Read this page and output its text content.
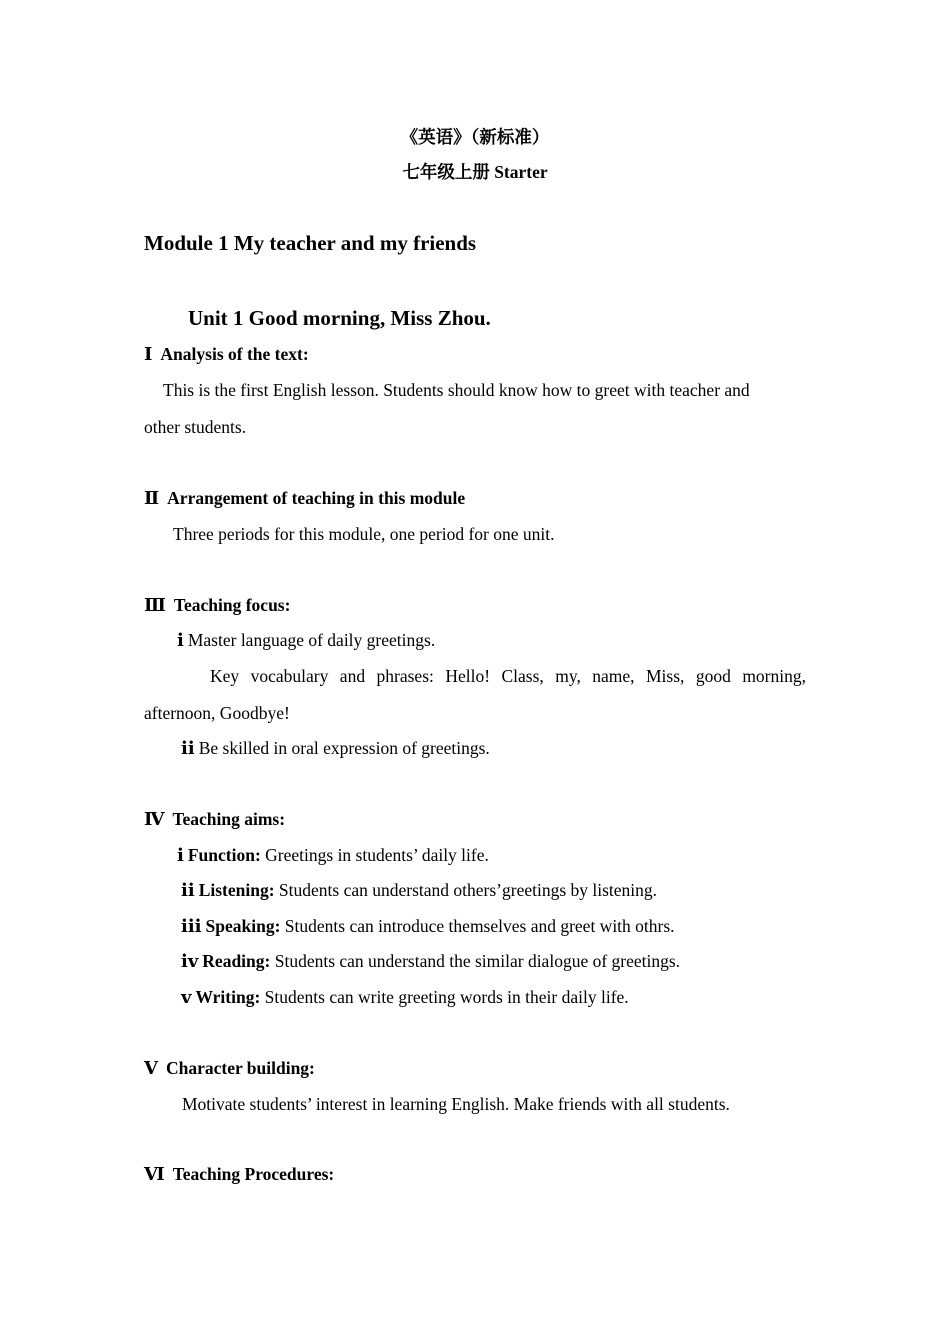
《英语》（新标准）
七年级上册 Starter
Module 1 My teacher and my friends
Unit 1 Good morning, Miss Zhou.
Ⅰ Analysis of the text:
This is the first English lesson. Students should know how to greet with teacher and
other students.
Ⅱ Arrangement of teaching in this module
Three periods for this module, one period for one unit.
Ⅲ Teaching focus:
ⅰ Master language of daily greetings.
Key vocabulary and phrases: Hello! Class, my, name, Miss, good morning,
afternoon, Goodbye!
ⅱ Be skilled in oral expression of greetings.
Ⅳ Teaching aims:
ⅰ Function: Greetings in students’ daily life.
ⅱ Listening: Students can understand others’greetings by listening.
ⅲ Speaking: Students can introduce themselves and greet with othrs.
ⅳ Reading: Students can understand the similar dialogue of greetings.
ⅴ Writing: Students can write greeting words in their daily life.
Ⅴ Character building:
Motivate students’ interest in learning English. Make friends with all students.
Ⅵ Teaching Procedures:
